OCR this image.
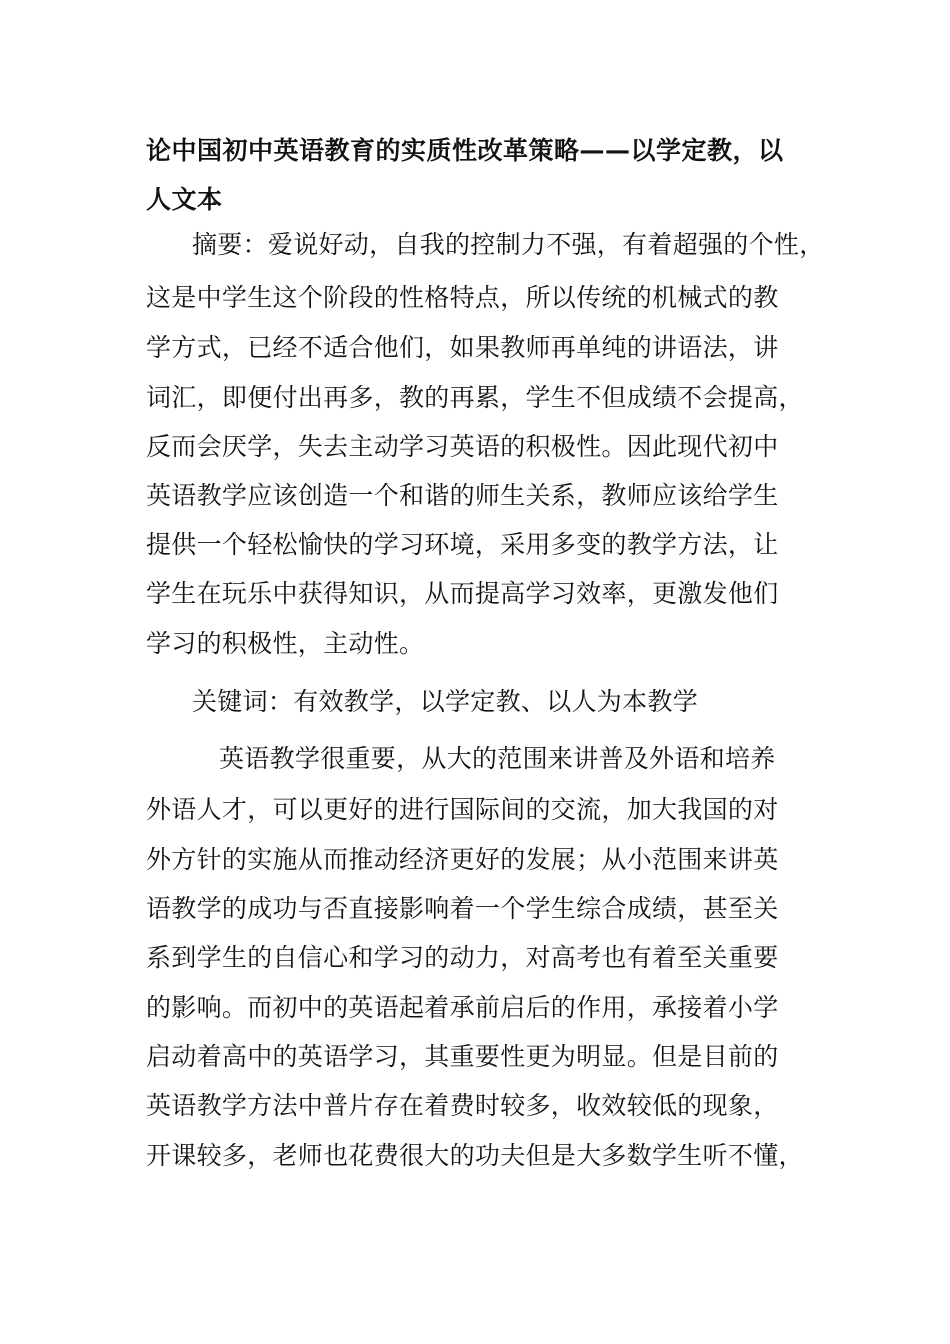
论中国初中英语教育的实质性改革策略——以学定教，以
人文本
摘要：爱说好动，自我的控制力不强，有着超强的个性，
这是中学生这个阶段的性格特点，所以传统的机械式的教
学方式，已经不适合他们，如果教师再单纯的讲语法，讲
词汇，即便付出再多，教的再累，学生不但成绩不会提高，
反而会厌学，失去主动学习英语的积极性。因此现代初中
英语教学应该创造一个和谐的师生关系，教师应该给学生
提供一个轻松愉快的学习环境，采用多变的教学方法，让
学生在玩乐中获得知识，从而提高学习效率，更激发他们
学习的积极性，主动性。
关键词：有效教学，以学定教、以人为本教学
英语教学很重要，从大的范围来讲普及外语和培养
外语人才，可以更好的进行国际间的交流，加大我国的对
外方针的实施从而推动经济更好的发展；从小范围来讲英
语教学的成功与否直接影响着一个学生综合成绩，甚至关
系到学生的自信心和学习的动力，对高考也有着至关重要
的影响。而初中的英语起着承前启后的作用，承接着小学
启动着高中的英语学习，其重要性更为明显。但是目前的
英语教学方法中普片存在着费时较多，收效较低的现象，
开课较多，老师也花费很大的功夫但是大多数学生听不懂，
